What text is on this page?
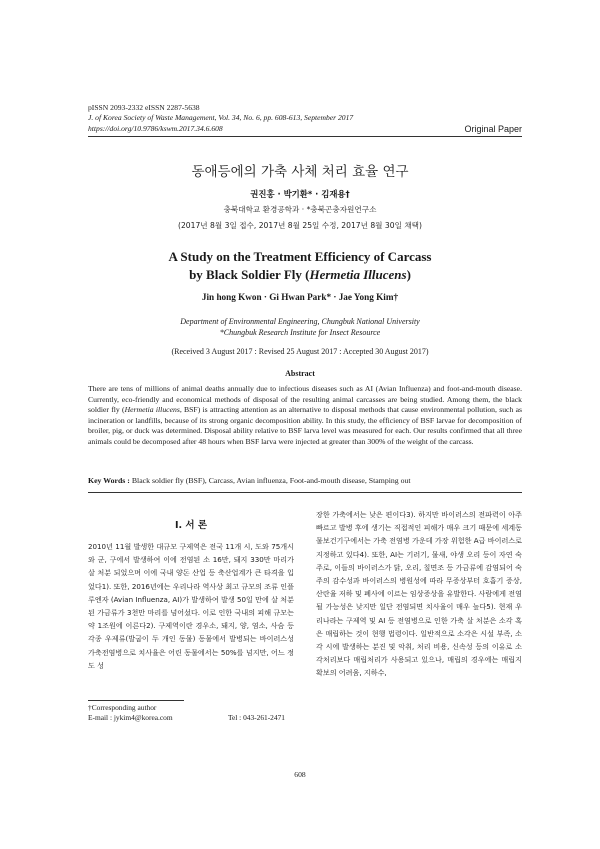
pISSN 2093-2332 eISSN 2287-5638
J. of Korea Society of Waste Management, Vol. 34, No. 6, pp. 608-613, September 2017
https://doi.org/10.9786/kswm.2017.34.6.608	Original Paper
동애등에의 가축 사체 처리 효율 연구
권진홍 · 박기환* · 김재용†
충북대학교 환경공학과 · *충북곤충자원연구소
(2017년 8월 3일 접수, 2017년 8월 25일 수정, 2017년 8월 30일 채택)
A Study on the Treatment Efficiency of Carcass
by Black Soldier Fly (Hermetia Illucens)
Jin hong Kwon · Gi Hwan Park* · Jae Yong Kim†
Department of Environmental Engineering, Chungbuk National University
*Chungbuk Research Institute for Insect Resource
(Received 3 August 2017 : Revised 25 August 2017 : Accepted 30 August 2017)
Abstract
There are tens of millions of animal deaths annually due to infectious diseases such as AI (Avian Influenza) and foot-and-mouth disease. Currently, eco-friendly and economical methods of disposal of the resulting animal carcasses are being studied. Among them, the black soldier fly (Hermetia illucens, BSF) is attracting attention as an alternative to disposal methods that cause environmental pollution, such as incineration or landfills, because of its strong organic decomposition ability. In this study, the efficiency of BSF larvae for decomposition of broiler, pig, or duck was determined. Disposal ability relative to BSF larva level was measured for each. Our results confirmed that all three animals could be decomposed after 48 hours when BSF larva were injected at greater than 300% of the weight of the carcass.
Key Words : Black soldier fly (BSF), Carcass, Avian influenza, Foot-and-mouth disease, Stamping out
I. 서 론
2010년 11월 발생한 대규모 구제역은 전국 11개 시, 도와 75개시와 군, 구에서 발생하여 이에 전염된 소 16만, 돼지 330만 마리가 살 처분 되었으며 이에 국내 양돈 산업 등 축산업계가 큰 타격을 입었다1). 또한, 2016년에는 우리나라 역사상 최고 규모의 조류 인플루엔자 (Avian Influenza, AI)가 발생하여 발생 50일 만에 살 처분된 가금류가 3천만 마리를 넘어섰다. 이로 인한 국내의 피해 규모는 약 1조원에 이른다2). 구제역이란 경우소, 돼지, 양, 염소, 사슴 등 각종 우제류(발굽이 두 개인 동물) 동물에서 발병되는 바이러스성 가축전염병으로 치사율은 어린 동물에서는 50%를 넘지만, 어느 정도 성
장한 가축에서는 낮은 편이다3). 하지만 바이러스의 전파력이 아주 빠르고 발병 후에 생기는 직접적인 피해가 매우 크기 때문에 세계동물보건기구에서는 가축 전염병 가운데 가장 위험한 A급 바이러스로 지정하고 있다4). 또한, AI는 기러기, 물새, 야생 오리 등이 자연 숙주로, 이들의 바이러스가 닭, 오리, 칠면조 등 가금류에 감염되어 숙주의 감수성과 바이러스의 병원성에 따라 무증상부터 호흡기 증상, 산란율 저하 및 폐사에 이르는 임상증상을 유발한다. 사람에게 전염될 가능성은 낮지만 일단 전염되면 치사율이 매우 높다5). 현재 우리나라는 구제역 및 AI 등 전염병으로 인한 가축 살 처분은 소각 혹은 매립하는 것이 현행 법령이다. 일반적으로 소각은 시설 부족, 소각 시에 발생하는 분진 및 악취, 처리 비용, 신속성 등의 이유로 소각처리보다 매립처리가 사용되고 있으나, 매립의 경우에는 매립지 확보의 어려움, 지하수,
†Corresponding author
E-mail : jykim4@korea.com	Tel : 043-261-2471
608
